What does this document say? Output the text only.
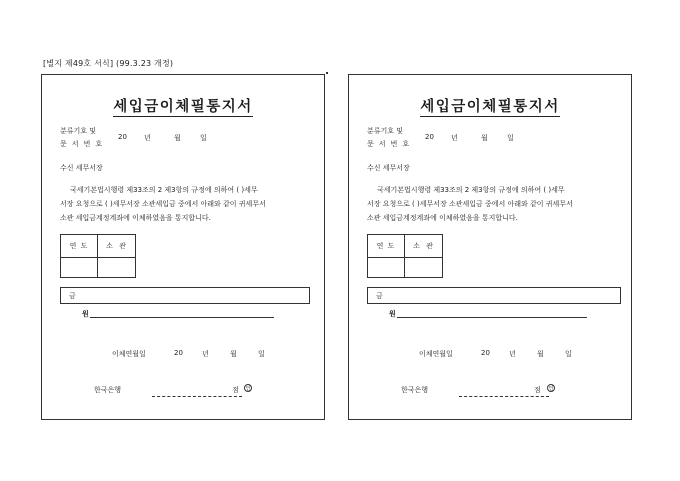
[별지 제49호 서식] (99.3.23 개정)
세입금이체필통지서
분류기호 및
문 서 번 호
20	년	월	일
수신 세무서장
국세기본법시행령 제33조의 2 제3항의 규정에 의하여 ( )세무
서장 요청으로 ( )세무서장 소관세입금 중에서 아래와 같이 귀세무서
소관 세입금계정계좌에 이체하였음을 통지합니다.
연 도	소 관
금
원
이체연월일	20	년	월	일
한국은행	점	인
세입금이체필통지서
분류기호 및
문 서 번 호
20	년	월	일
수신 세무서장
국세기본법시행령 제33조의 2 제3항의 규정에 의하여 ( )세무
서장 요청으로 ( )세무서장 소관세입금 중에서 아래와 같이 귀세무서
소관 세입금계정계좌에 이체하였음을 통지합니다.
연 도	소 관
금
원
이체연월일	20	년	월	일
한국은행	점	인
